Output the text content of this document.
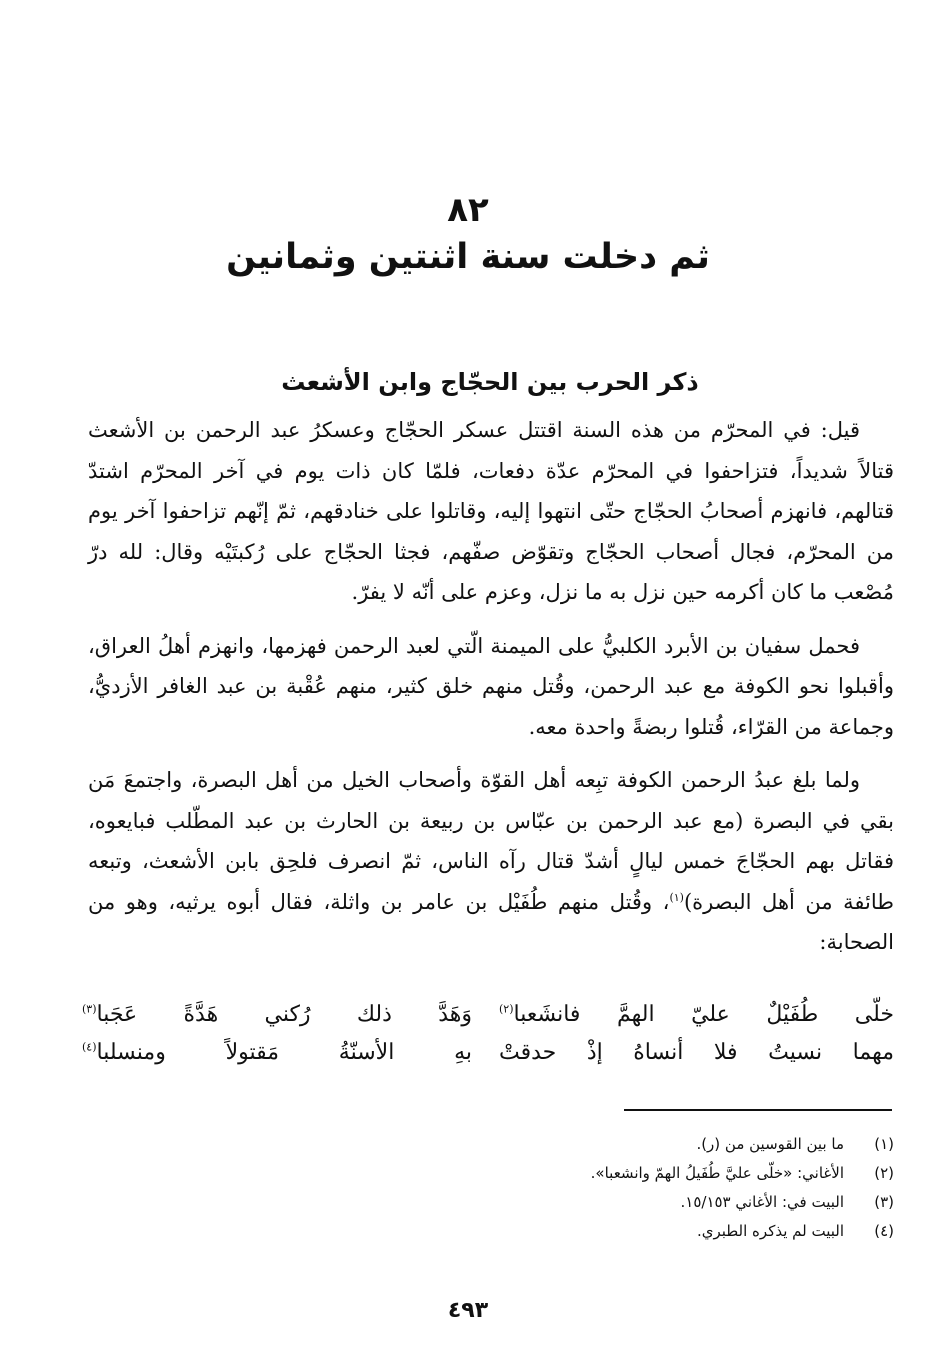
٨٢
ثم دخلت سنة اثنتين وثمانين
ذكر الحرب بين الحجّاج وابن الأشعث

قيل: في المحرّم من هذه السنة اقتتل عسكر الحجّاج وعسكرُ عبد الرحمن بن الأشعث قتالاً شديداً، فتزاحفوا في المحرّم عدّة دفعات، فلمّا كان ذات يوم في آخر المحرّم اشتدّ قتالهم، فانهزم أصحابُ الحجّاج حتّى انتهوا إليه، وقاتلوا على خنادقهم، ثمّ إنّهم تزاحفوا آخر يوم من المحرّم، فجال أصحاب الحجّاج وتقوّض صفّهم، فجثا الحجّاج على رُكبتَيْه وقال: لله درّ مُصْعب ما كان أكرمه حين نزل به ما نزل، وعزم على أنّه لا يفرّ.

فحمل سفيان بن الأبرد الكلبيُّ على الميمنة الّتي لعبد الرحمن فهزمها، وانهزم أهلُ العراق، وأقبلوا نحو الكوفة مع عبد الرحمن، وقُتل منهم خلق كثير، منهم عُقْبة بن عبد الغافر الأزديُّ، وجماعة من القرّاء، قُتلوا ربضةً واحدة معه.

ولما بلغ عبدُ الرحمن الكوفة تبِعه أهل القوّة وأصحاب الخيل من أهل البصرة، واجتمعَ مَن بقي في البصرة (مع عبد الرحمن بن عبّاس بن ربيعة بن الحارث بن عبد المطّلب فبايعوه، فقاتل بهم الحجّاجَ خمس ليالٍ أشدّ قتال رآه الناس، ثمّ انصرف فلحِق بابن الأشعث، وتبعه طائفة من أهل البصرة)$^{(١)}$، وقُتل منهم طُفَيْل بن عامر بن واثلة، فقال أبوه يرثيه، وهو من الصحابة:

خلّى طُفَيْلٌ عليّ الهمَّ فانشَعبا$^{(٢)}$
وَهَدَّ ذلك رُكني هَدَّةً عَجَبا$^{(٣)}$
مهما نسيتُ فلا أنساهُ إذْ حدقتْ
بهِ الأسنّةُ مَقتولاً ومنسلبا$^{(٤)}$
(١)
ما بين القوسين من (ر).
(٢)
الأغاني: «خلّى عليَّ طُفَيلُ الهمّ وانشعبا».
(٣)
البيت في: الأغاني ١٥/١٥٣.
(٤)
البيت لم يذكره الطبري.
٤٩٣
